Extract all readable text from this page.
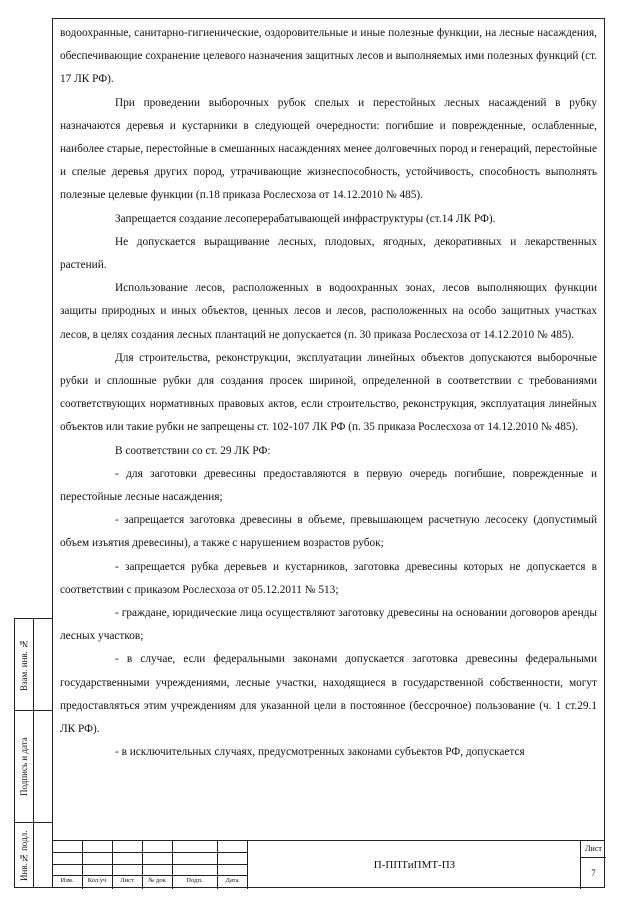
водоохранные, санитарно-гигиенические, оздоровительные и иные полезные функции, на лесные насаждения, обеспечивающие сохранение целевого назначения защитных лесов и выполняемых ими полезных функций (ст. 17 ЛК РФ).

При проведении выборочных рубок спелых и перестойных лесных насаждений в рубку назначаются деревья и кустарники в следующей очередности: погибшие и поврежденные, ослабленные, наиболее старые, перестойные в смешанных насаждениях менее долговечных пород и генераций, перестойные и спелые деревья других пород, утрачивающие жизнеспособность, устойчивость, способность выполнять полезные целевые функции (п.18 приказа Рослесхоза от 14.12.2010 № 485).

Запрещается создание лесоперерабатывающей инфраструктуры (ст.14 ЛК РФ).

Не допускается выращивание лесных, плодовых, ягодных, декоративных и лекарственных растений.

Использование лесов, расположенных в водоохранных зонах, лесов выполняющих функции защиты природных и иных объектов, ценных лесов и лесов, расположенных на особо защитных участках лесов, в целях создания лесных плантаций не допускается (п. 30 приказа Рослесхоза от 14.12.2010 № 485).

Для строительства, реконструкции, эксплуатации линейных объектов допускаются выборочные рубки и сплошные рубки для создания просек шириной, определенной в соответствии с требованиями соответствующих нормативных правовых актов, если строительство, реконструкция, эксплуатация линейных объектов или такие рубки не запрещены ст. 102-107 ЛК РФ (п. 35 приказа Рослесхоза от 14.12.2010 № 485).

В соответствии со ст. 29 ЛК РФ:

- для заготовки древесины предоставляются в первую очередь погибшие, поврежденные и перестойные лесные насаждения;

- запрещается заготовка древесины в объеме, превышающем расчетную лесосеку (допустимый объем изъятия древесины), а также с нарушением возрастов рубок;

- запрещается рубка деревьев и кустарников, заготовка древесины которых не допускается в соответствии с приказом Рослесхоза от 05.12.2011 № 513;

- граждане, юридические лица осуществляют заготовку древесины на основании договоров аренды лесных участков;

- в случае, если федеральными законами допускается заготовка древесины федеральными государственными учреждениями, лесные участки, находящиеся в государственной собственности, могут предоставляться этим учреждениям для указанной цели в постоянное (бессрочное) пользование (ч. 1 ст.29.1 ЛК РФ).

- в исключительных случаях, предусмотренных законами субъектов РФ, допускается

Взам. инв. №
Подпись и дата
Инв.№ подл.	Изм.	Кол.уч	Лист	№ док	Подп.	Дата
П-ППТиПМТ-ПЗ
Лист
7
